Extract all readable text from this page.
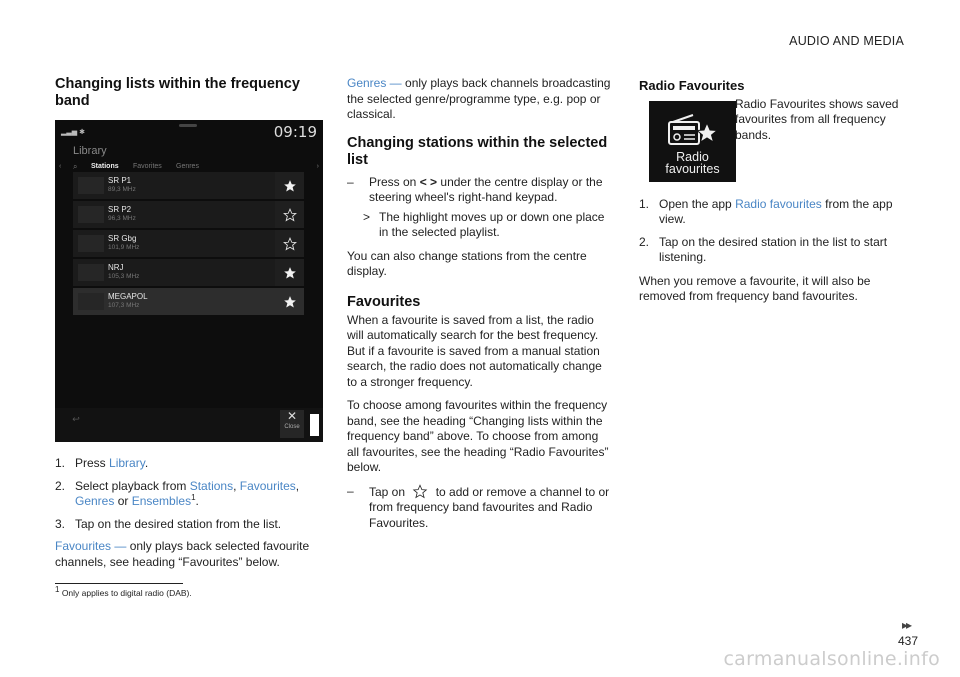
AUDIO AND MEDIA
Changing lists within the frequency band
▂▃▅ ✱	09:19
Library
‹ ⌕ Stations Favorites Genres	›
SR P1
89,3 MHz
SR P2
96,3 MHz
SR Gbg
101,9 MHz
NRJ
105,3 MHz
MEGAPOL
107,3 MHz
↩	✕
Close
1. Press Library.
2. Select playback from Stations, Favourites,
Genres or Ensembles$^1$.
3. Tap on the desired station from the list.

Favourites — only plays back selected favourite channels, see heading “Favourites” below.

Genres — only plays back channels broadcasting the selected genre/programme type, e.g. pop or classical.

Changing stations within the selected list
–	Press on < > under the centre display or the steering wheel's right-hand keypad.
> The highlight moves up or down one place in the selected playlist.

You can also change stations from the centre display.

Favourites

When a favourite is saved from a list, the radio will automatically search for the best frequency. But if a favourite is saved from a manual station search, the radio does not automatically change to a stronger frequency.

To choose among favourites within the frequency band, see the heading “Changing lists within the frequency band” above. To choose from among all favourites, see the heading “Radio Favourites” below.

–	Tap on  to add or remove a channel to or from frequency band favourites and Radio Favourites.
Radio Favourites
Radio
favourites
Radio Favourites shows saved favourites from all frequency bands.
1. Open the app Radio favourites from the app view.
2. Tap on the desired station in the list to start listening.

When you remove a favourite, it will also be removed from frequency band favourites.

$^1$ Only applies to digital radio (DAB).
▸▸
437
carmanualsonline.info
